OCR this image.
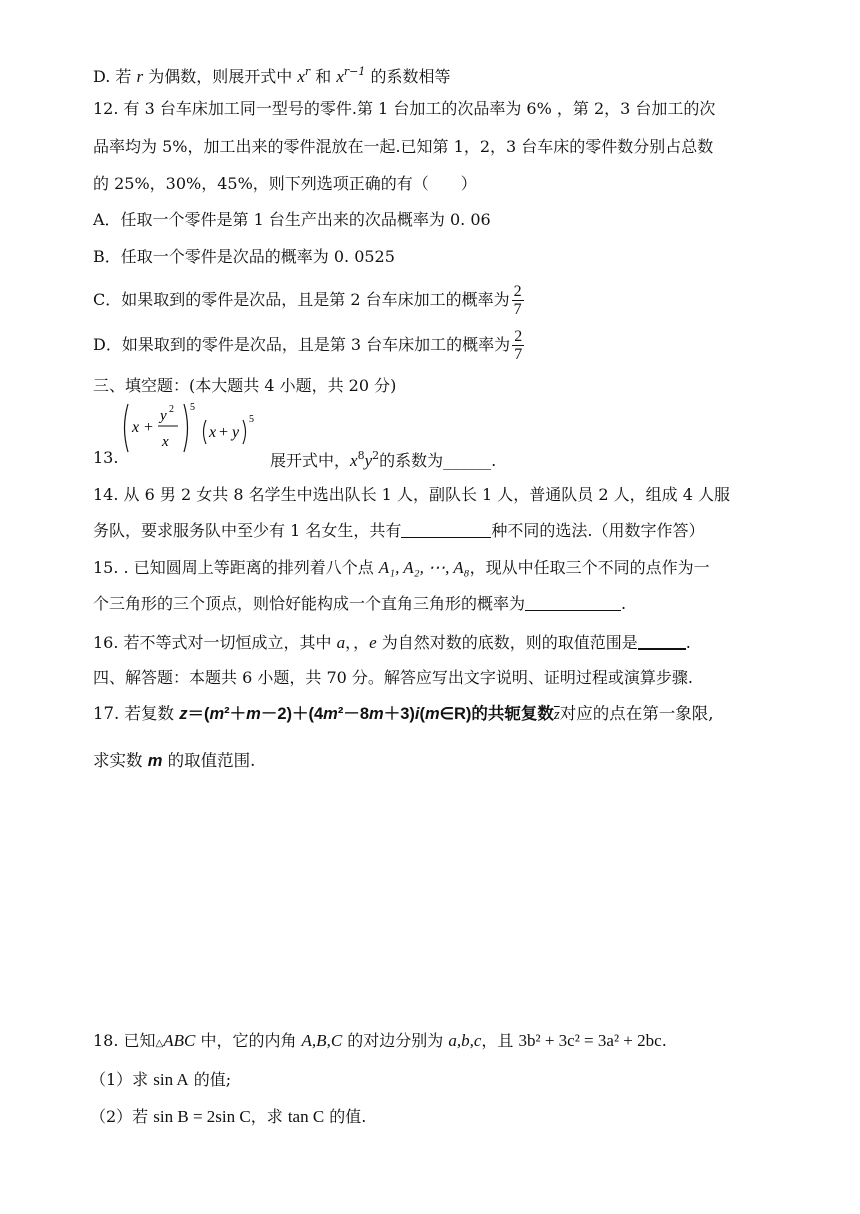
D. 若 r 为偶数，则展开式中 $x^r$ 和 $x^{r-1}$ 的系数相等
12. 有 3 台车床加工同一型号的零件.第 1 台加工的次品率为 6% ，第 2，3 台加工的次
品率均为 5%，加工出来的零件混放在一起.已知第 1，2，3 台车床的零件数分别占总数
的 25%，30%，45%，则下列选项正确的有（　　）
A．任取一个零件是第 1 台生产出来的次品概率为 0. 06
B．任取一个零件是次品的概率为 0. 0525
C．如果取到的零件是次品，且是第 2 台车床加工的概率为 $\frac{2}{7}$
D．如果取到的零件是次品，且是第 3 台车床加工的概率为 $\frac{2}{7}$
三、填空题：(本大题共 4 小题，共 20 分)
x +
y 2
x
5
x + y
5
13.	展开式中，$x^8y^2$的系数为______.
14. 从 6 男 2 女共 8 名学生中选出队长 1 人，副队长 1 人，普通队员 2 人，组成 4 人服
务队，要求服务队中至少有 1 名女生，共有	种不同的选法.（用数字作答）
15. . 已知圆周上等距离的排列着八个点 A₁, A₂, ⋯, A₈，现从中任取三个不同的点作为一
个三角形的三个顶点，则恰好能构成一个直角三角形的概率为	.
16. 若不等式对一切恒成立，其中 a，，e 为自然对数的底数，则的取值范围是	.
四、解答题：本题共 6 小题，共 70 分。解答应写出文字说明、证明过程或演算步骤.
17. 若复数 z＝(m²＋m－2)＋(4m²－8m＋3)i(m∈R)的共轭复数$\overline{z}$对应的点在第一象限,
求实数 m 的取值范围.
18. 已知△ABC 中，它的内角 A,B,C 的对边分别为 a,b,c，且 3b² + 3c² = 3a² + 2bc.
（1）求 sin A 的值;
（2）若 sin B = 2sin C，求 tan C 的值.
